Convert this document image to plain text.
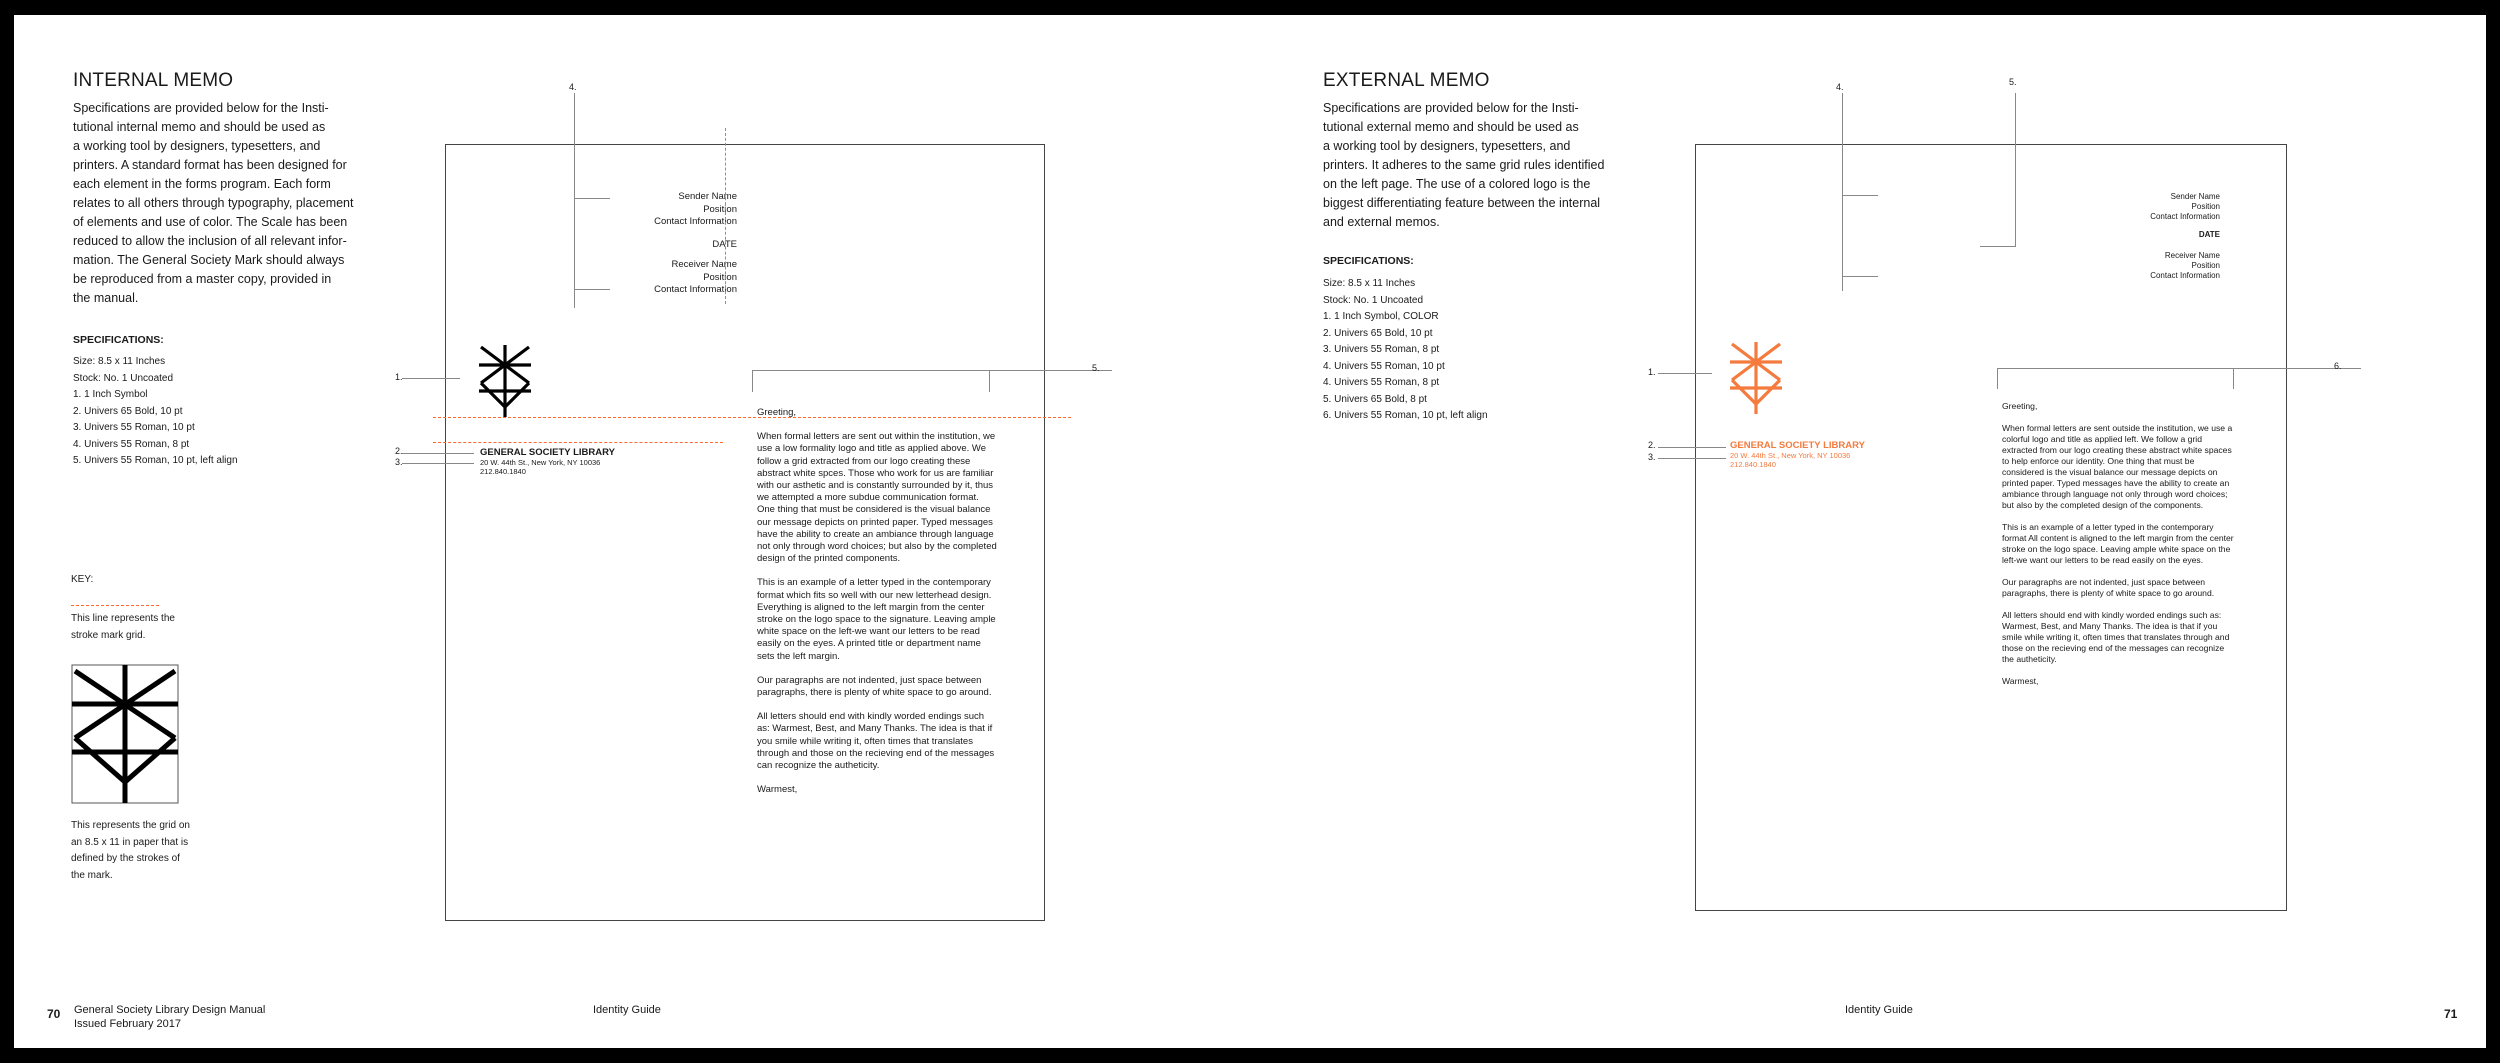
INTERNAL MEMO

Specifications are provided below for the Insti-

tutional internal memo and should be used as

a working tool by designers, typesetters, and

printers. A standard format has been designed for

each element in the forms program. Each form

relates to all others through typography, placement

of elements and use of color. The Scale has been

reduced to allow the inclusion of all relevant infor-

mation. The General Society Mark should always

be reproduced from a master copy, provided in

the manual.

SPECIFICATIONS:
Size: 8.5 x 11 Inches
Stock: No. 1 Uncoated
1. 1 Inch Symbol
2. Univers 65 Bold, 10 pt
3. Univers 55 Roman, 10 pt
4. Univers 55 Roman, 8 pt
5. Univers 55 Roman, 10 pt, left align
KEY:
This line represents the
stroke mark grid.
This represents the grid on
an 8.5 x 11 in paper that is
defined by the strokes of
the mark.
Sender Name
Position
Contact Information
DATE
Receiver Name
Position
Contact Information
GENERAL SOCIETY LIBRARY
20 W. 44th St., New York, NY 10036
212.840.1840

Greeting,

When formal letters are sent out within the institution, we use a low formality logo and title as applied above. We follow a grid extracted from our logo creating these abstract white spces. Those who work for us are familiar with our asthetic and is constantly surrounded by it, thus we attempted a more subdue communication format. One thing that must be considered is the visual balance our message depicts on printed paper. Typed messages have the ability to create an ambiance through language not only through word choices; but also by the completed design of the printed components.

This is an example of a letter typed in the contemporary format which fits so well with our new letterhead design. Everything is aligned to the left margin from the center stroke on the logo space to the signature. Leaving ample white space on the left-we want our letters to be read easily on the eyes. A printed title or department name sets the left margin.

Our paragraphs are not indented, just space between paragraphs, there is plenty of white space to go around.

All letters should end with kindly worded endings such as: Warmest, Best, and Many Thanks. The idea is that if you smile while writing it, often times that translates through and those on the recieving end of the messages can recognize the autheticity.

Warmest,

4.
1.
2.
3.
5.
70 General Society Library Design Manual
Issued February 2017
Identity Guide
EXTERNAL MEMO

Specifications are provided below for the Insti-

tutional external memo and should be used as

a working tool by designers, typesetters, and

printers. It adheres to the same grid rules identified

on the left page. The use of a colored logo is the

biggest differentiating feature between the internal

and external memos.

SPECIFICATIONS:
Size: 8.5 x 11 Inches
Stock: No. 1 Uncoated
1. 1 Inch Symbol, COLOR
2. Univers 65 Bold, 10 pt
3. Univers 55 Roman, 8 pt
4. Univers 55 Roman, 10 pt
4. Univers 55 Roman, 8 pt
5. Univers 65 Bold, 8 pt
6. Univers 55 Roman, 10 pt, left align
Sender Name
Position
Contact Information
DATE
Receiver Name
Position
Contact Information
GENERAL SOCIETY LIBRARY
20 W. 44th St., New York, NY 10036
212.840.1840

Greeting,

When formal letters are sent outside the institution, we use a colorful logo and title as applied left. We follow a grid extracted from our logo creating these abstract white spaces to help enforce our identity. One thing that must be considered is the visual balance our message depicts on printed paper. Typed messages have the ability to create an ambiance through language not only through word choices; but also by the completed design of the components.

This is an example of a letter typed in the contemporary format All content is aligned to the left margin from the center stroke on the logo space. Leaving ample white space on the left-we want our letters to be read easily on the eyes.

Our paragraphs are not indented, just space between paragraphs, there is plenty of white space to go around.

All letters should end with kindly worded endings such as: Warmest, Best, and Many Thanks. The idea is that if you smile while writing it, often times that translates through and those on the recieving end of the messages can recognize the autheticity.

Warmest,

4.	5.
1.
2.
3.
6.
Identity Guide	71
